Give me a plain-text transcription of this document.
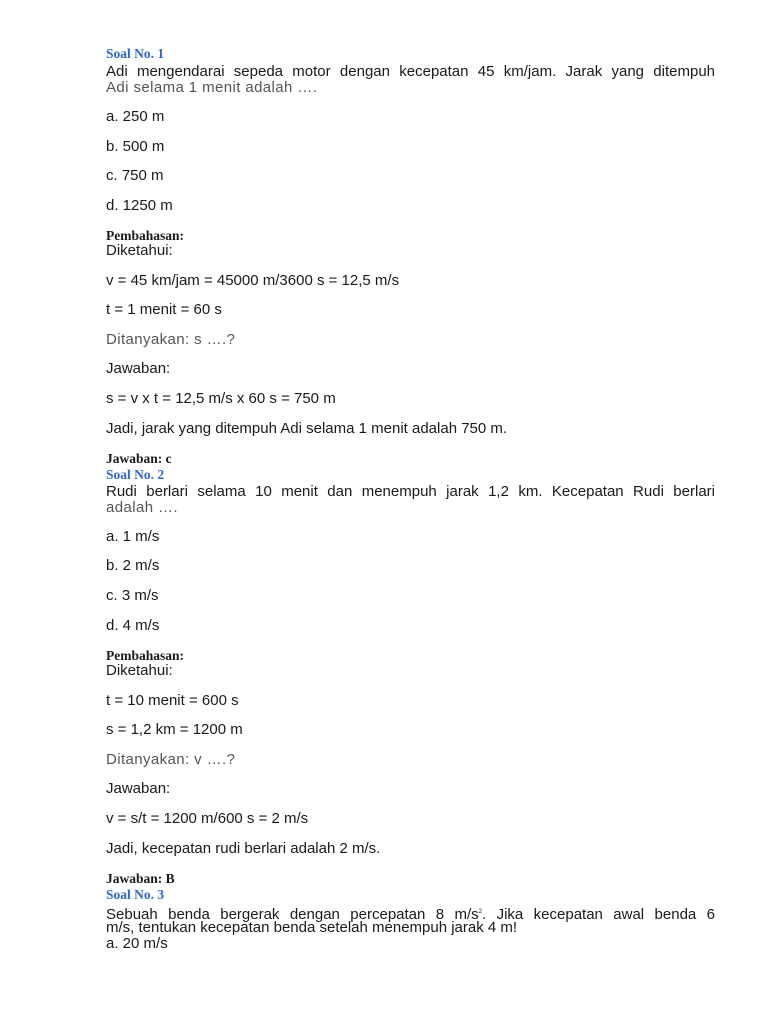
Soal No. 1
Adi mengendarai sepeda motor dengan kecepatan 45 km/jam. Jarak yang ditempuh
Adi selama 1 menit adalah ….
a. 250 m
b. 500 m
c. 750 m
d. 1250 m
Pembahasan:
Diketahui:
v = 45 km/jam = 45000 m/3600 s = 12,5 m/s
t = 1 menit = 60 s
Ditanyakan: s ….?
Jawaban:
s = v x t = 12,5 m/s x 60 s = 750 m
Jadi, jarak yang ditempuh Adi selama 1 menit adalah 750 m.
Jawaban: c
Soal No. 2
Rudi berlari selama 10 menit dan menempuh jarak 1,2 km. Kecepatan Rudi berlari
adalah ….
a. 1 m/s
b. 2 m/s
c. 3 m/s
d. 4 m/s
Pembahasan:
Diketahui:
t = 10 menit = 600 s
s = 1,2 km = 1200 m
Ditanyakan: v ….?
Jawaban:
v = s/t = 1200 m/600 s = 2 m/s
Jadi, kecepatan rudi berlari adalah 2 m/s.
Jawaban: B
Soal No. 3
Sebuah benda bergerak dengan percepatan 8 $m/s^2$. Jika kecepatan awal benda 6
m/s, tentukan kecepatan benda setelah menempuh jarak 4 m!
a. 20 m/s
